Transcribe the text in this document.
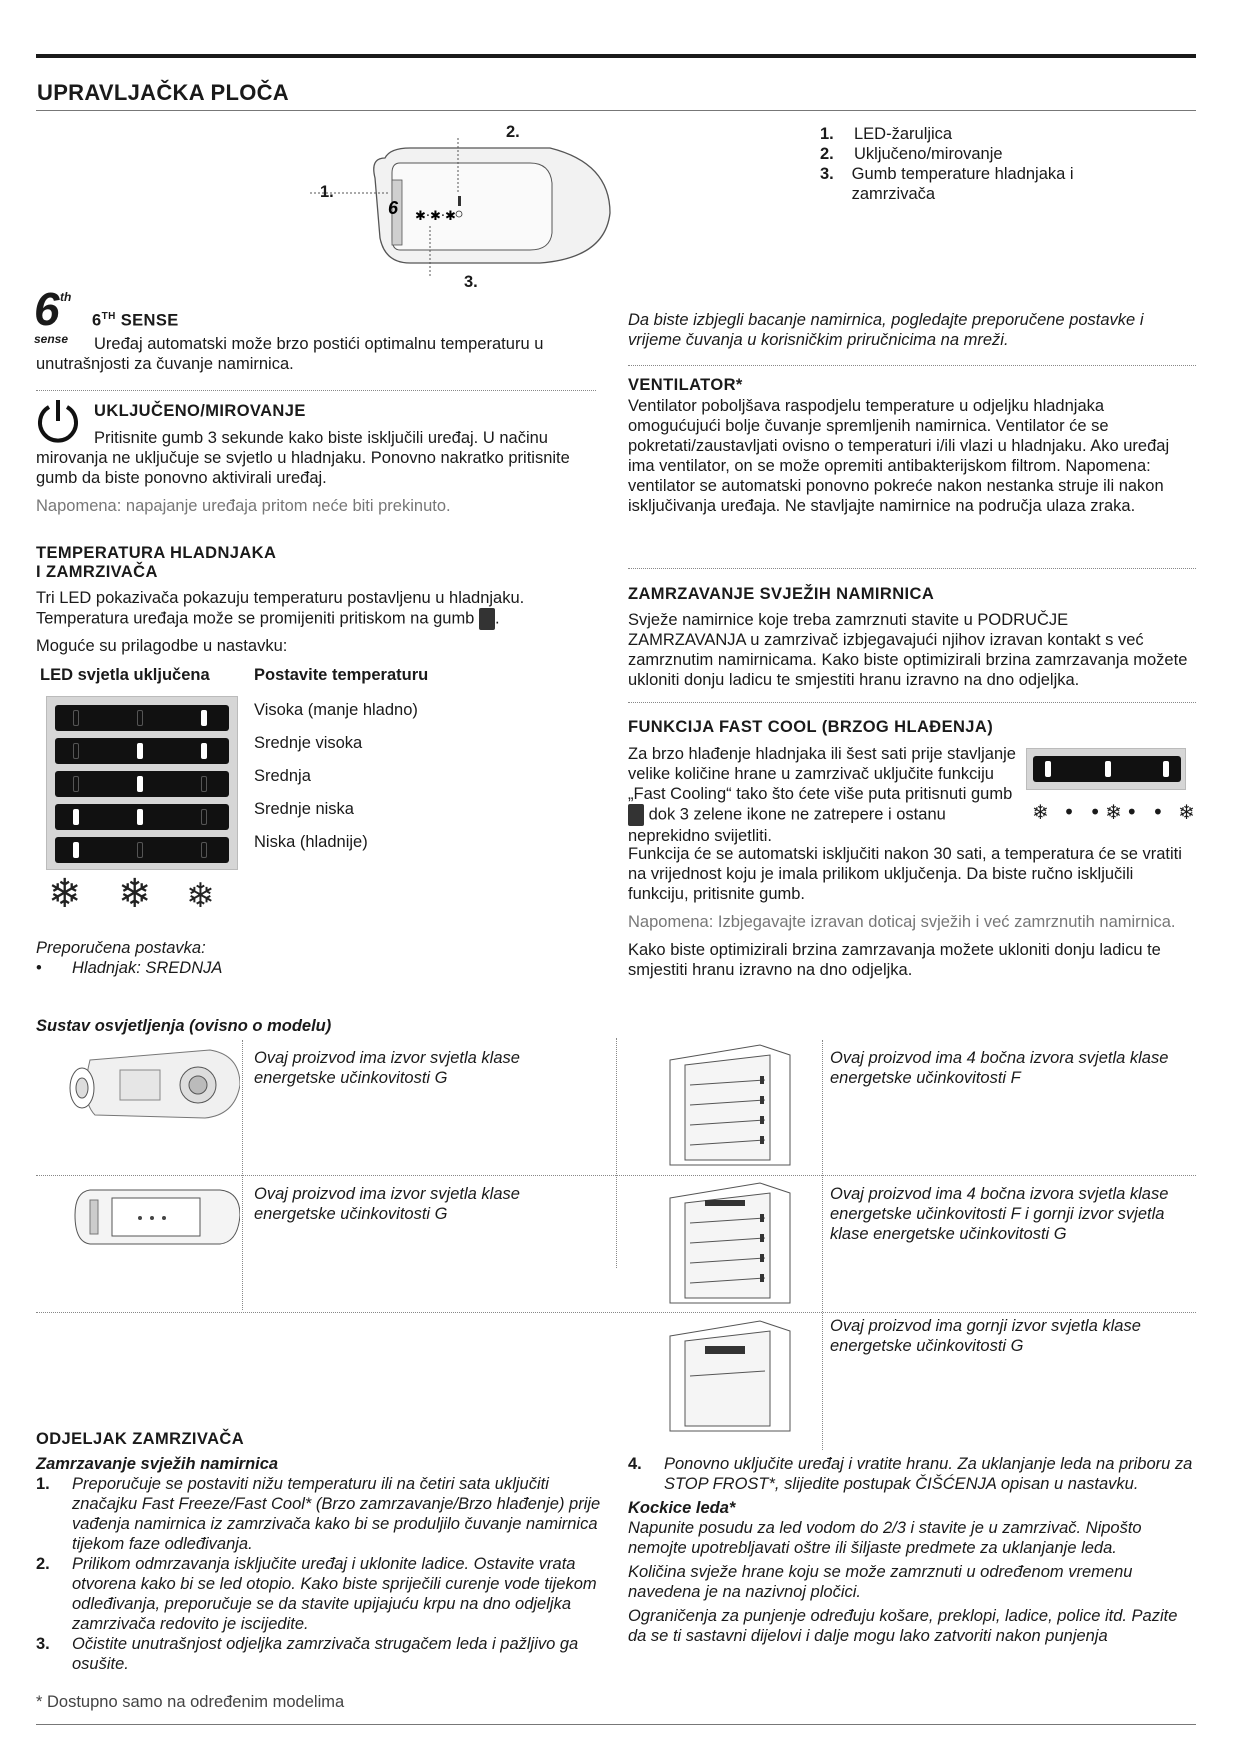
UPRAVLJAČKA PLOČA
6 ✱·✱·✱
2.
1.
3.
1.	LED-žaruljica
2.	Uključeno/mirovanje
3.	Gumb temperature hladnjaka i zamrzivača
6 th
sense
6TH SENSE
Uređaj automatski može brzo postići optimalnu temperaturu u unutrašnjosti za čuvanje namirnica.
UKLJUČENO/MIROVANJE
Pritisnite gumb 3 sekunde kako biste isključili uređaj. U načinu mirovanja ne uključuje se svjetlo u hladnjaku. Ponovno nakratko pritisnite gumb da biste ponovno aktivirali uređaj.
Napomena: napajanje uređaja pritom neće biti prekinuto.
TEMPERATURA HLADNJAKA
I ZAMRZIVAČA
Tri LED pokazivača pokazuju temperaturu postavljenu u hladnjaku. Temperatura uređaja može se promijeniti pritiskom na gumb .
Moguće su prilagodbe u nastavku:
LED svjetla uključena	Postavite temperaturu
Visoka (manje hladno)
Srednje visoka
Srednja
Srednje niska
Niska (hladnije)
❄ ❄ ❄
Preporučena postavka:
• Hladnjak: SREDNJA
Da biste izbjegli bacanje namirnica, pogledajte preporučene postavke i vrijeme čuvanja u korisničkim priručnicima na mreži.
VENTILATOR*
Ventilator poboljšava raspodjelu temperature u odjeljku hladnjaka omogućujući bolje čuvanje spremljenih namirnica. Ventilator će se pokretati/zaustavljati ovisno o temperaturi i/ili vlazi u hladnjaku. Ako uređaj ima ventilator, on se može opremiti antibakterijskom filtrom. Napomena: ventilator se automatski ponovno pokreće nakon nestanka struje ili nakon isključivanja uređaja. Ne stavljajte namirnice na područja ulaza zraka.
ZAMRZAVANJE SVJEŽIH NAMIRNICA
Svježe namirnice koje treba zamrznuti stavite u PODRUČJE ZAMRZAVANJA u zamrzivač izbjegavajući njihov izravan kontakt s već zamrznutim namirnicama. Kako biste optimizirali brzina zamrzavanja možete ukloniti donju ladicu te smjestiti hranu izravno na dno odjeljka.
FUNKCIJA FAST COOL (BRZOG HLAĐENJA)
Za brzo hlađenje hladnjaka ili šest sati prije stavljanje velike količine hrane u zamrzivač uključite funkciju „Fast Cooling“ tako što ćete više puta pritisnuti gumb  dok 3 zelene ikone ne zatrepere i ostanu neprekidno svijetliti.
❄ • •❄• • ❄
Funkcija će se automatski isključiti nakon 30 sati, a temperatura će se vratiti na vrijednost koju je imala prilikom uključenja. Da biste ručno isključili funkciju, pritisnite gumb.
Napomena: Izbjegavajte izravan doticaj svježih i već zamrznutih namirnica.
Kako biste optimizirali brzina zamrzavanja možete ukloniti donju ladicu te smjestiti hranu izravno na dno odjeljka.
Sustav osvjetljenja (ovisno o modelu)
Ovaj proizvod ima izvor svjetla klase energetske učinkovitosti G
Ovaj proizvod ima 4 bočna izvora svjetla klase energetske učinkovitosti F
Ovaj proizvod ima izvor svjetla klase energetske učinkovitosti G
Ovaj proizvod ima 4 bočna izvora svjetla klase energetske učinkovitosti F i gornji izvor svjetla klase energetske učinkovitosti G
Ovaj proizvod ima gornji izvor svjetla klase energetske učinkovitosti G
ODJELJAK ZAMRZIVAČA
Zamrzavanje svježih namirnica
1.	Preporučuje se postaviti nižu temperaturu ili na četiri sata uključiti značajku Fast Freeze/Fast Cool* (Brzo zamrzavanje/Brzo hlađenje) prije vađenja namirnica iz zamrzivača kako bi se produljilo čuvanje namirnica tijekom faze odleđivanja.
2.	Prilikom odmrzavanja isključite uređaj i uklonite ladice. Ostavite vrata otvorena kako bi se led otopio. Kako biste spriječili curenje vode tijekom odleđivanja, preporučuje se da stavite upijajuću krpu na dno odjeljka zamrzivača redovito je iscijedite.
3.	Očistite unutrašnjost odjeljka zamrzivača strugačem leda i pažljivo ga osušite.
4.	Ponovno uključite uređaj i vratite hranu. Za uklanjanje leda na priboru za STOP FROST*, slijedite postupak ČIŠĆENJA opisan u nastavku.
Kockice leda*
Napunite posudu za led vodom do 2/3 i stavite je u zamrzivač. Nipošto nemojte upotrebljavati oštre ili šiljaste predmete za uklanjanje leda.
Količina svježe hrane koju se može zamrznuti u određenom vremenu navedena je na nazivnoj pločici.
Ograničenja za punjenje određuju košare, preklopi, ladice, police itd. Pazite da se ti sastavni dijelovi i dalje mogu lako zatvoriti nakon punjenja
* Dostupno samo na određenim modelima
